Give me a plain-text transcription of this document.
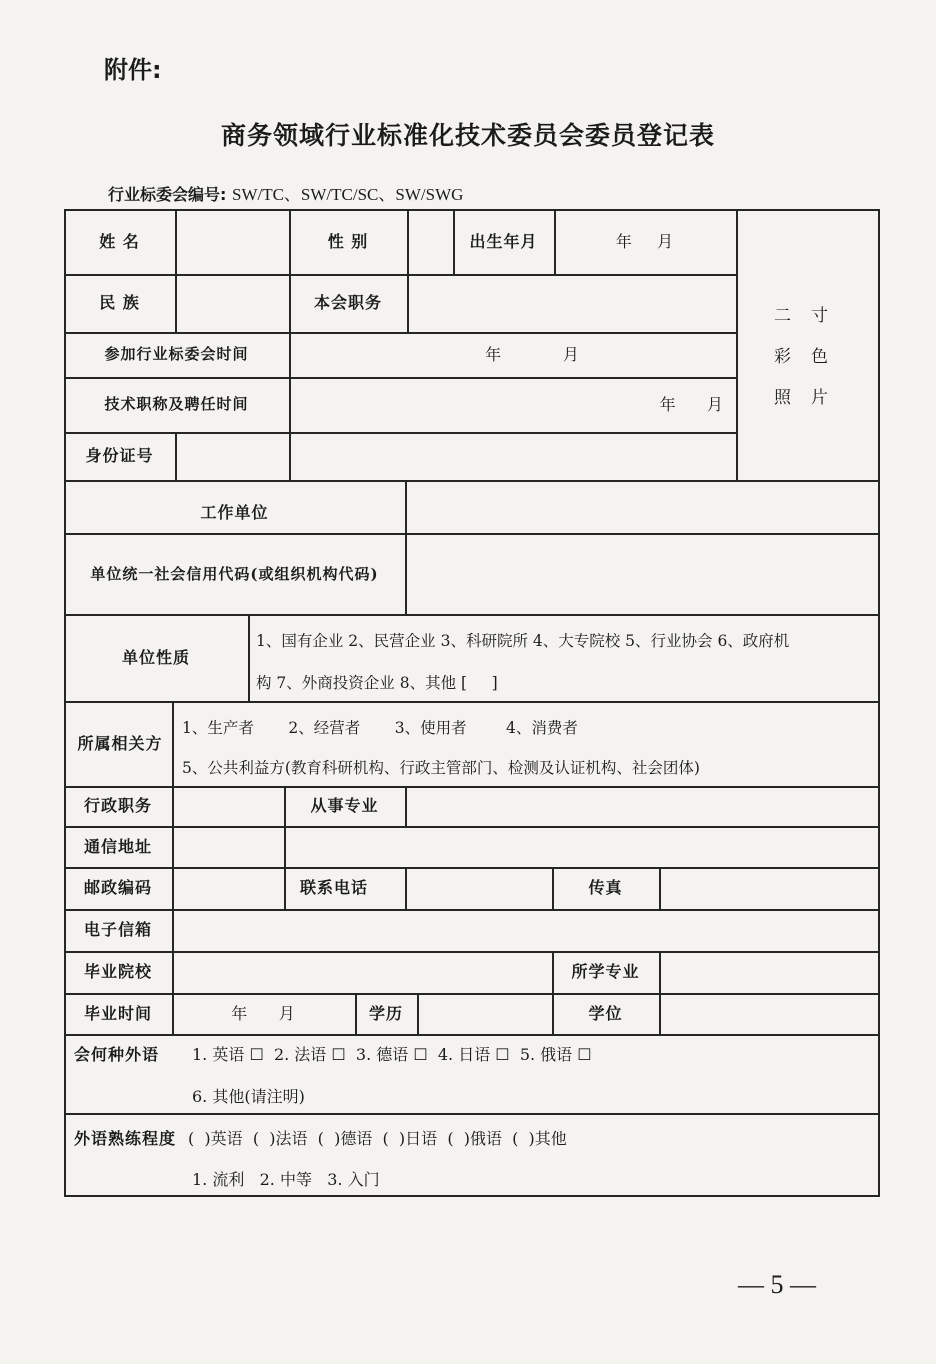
附件:
商务领域行业标准化技术委员会委员登记表
行业标委会编号: SW/TC、SW/TC/SC、SW/SWG
姓 名	性 别	出生年月	年    月
民 族	本会职务
二 寸
彩 色
照 片
参加行业标委会时间	年          月
技术职称及聘任时间	年     月
身份证号
工作单位
单位统一社会信用代码(或组织机构代码)
单位性质
1、国有企业 2、民营企业 3、科研院所 4、大专院校 5、行业协会 6、政府机
构 7、外商投资企业 8、其他 [     ]
所属相关方
1、生产者       2、经营者       3、使用者        4、消费者
5、公共利益方(教育科研机构、行政主管部门、检测及认证机构、社会团体)
行政职务	从事专业
通信地址
邮政编码	联系电话	传真
电子信箱
毕业院校	所学专业
毕业时间	年     月	学历	学位
会何种外语	1. 英语 ☐  2. 法语 ☐  3. 德语 ☐  4. 日语 ☐  5. 俄语 ☐
6. 其他(请注明)
外语熟练程度 (  )英语  (  )法语  (  )德语  (  )日语  (  )俄语  (  )其他
1. 流利   2. 中等   3. 入门
— 5 —
